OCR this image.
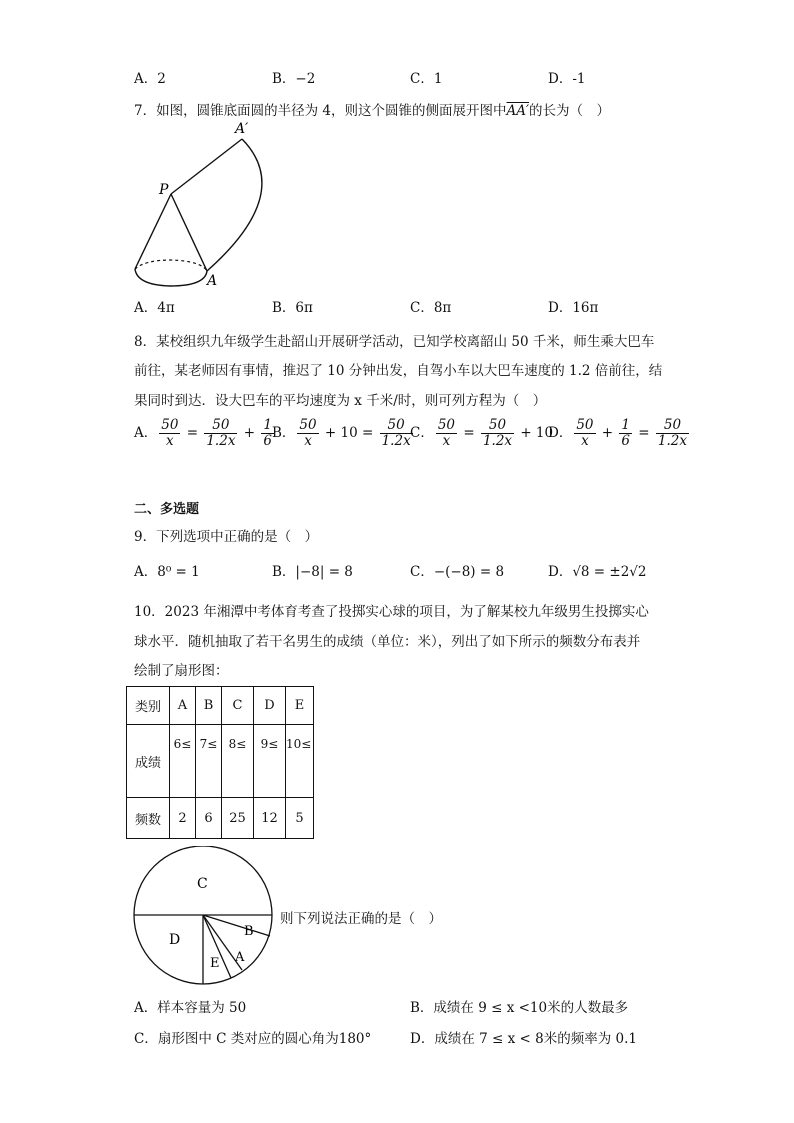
A．2	B．−2	C．1	D．-1
7．如图，圆锥底面圆的半径为 4，则这个圆锥的侧面展开图中AA′的长为（　）
A′
P
A
A．4π	B．6π	C．8π	D．16π
8．某校组织九年级学生赴韶山开展研学活动，已知学校离韶山 50 千米，师生乘大巴车
前往，某老师因有事情，推迟了 10 分钟出发，自驾小车以大巴车速度的 1.2 倍前往，结
果同时到达．设大巴车的平均速度为 x 千米/时，则可列方程为（　）
A． $\frac{50}{x} = \frac{50}{1.2x} + \frac{1}{6}$
B． $\frac{50}{x} + 10 = \frac{50}{1.2x}$
C． $\frac{50}{x} = \frac{50}{1.2x} + 10$
D． $\frac{50}{x} + \frac{1}{6} = \frac{50}{1.2x}$
二、多选题
9．下列选项中正确的是（　）
A．8⁰ = 1	B．|−8| = 8	C．−(−8) = 8	D．√8 = ±2√2
10．2023 年湘潭中考体育考查了投掷实心球的项目，为了解某校九年级男生投掷实心
球水平．随机抽取了若干名男生的成绩（单位：米），列出了如下所示的频数分布表并
绘制了扇形图：
类别	A	B	C	D	E
成绩	6≤	7≤	8≤	9≤	10≤
频数	2	6	25	12	5
C
D
B
A
E
则下列说法正确的是（　）
A．样本容量为 50	B．成绩在 9 ≤ x <10米的人数最多
C．扇形图中 C 类对应的圆心角为180°	D．成绩在 7 ≤ x < 8米的频率为 0.1
